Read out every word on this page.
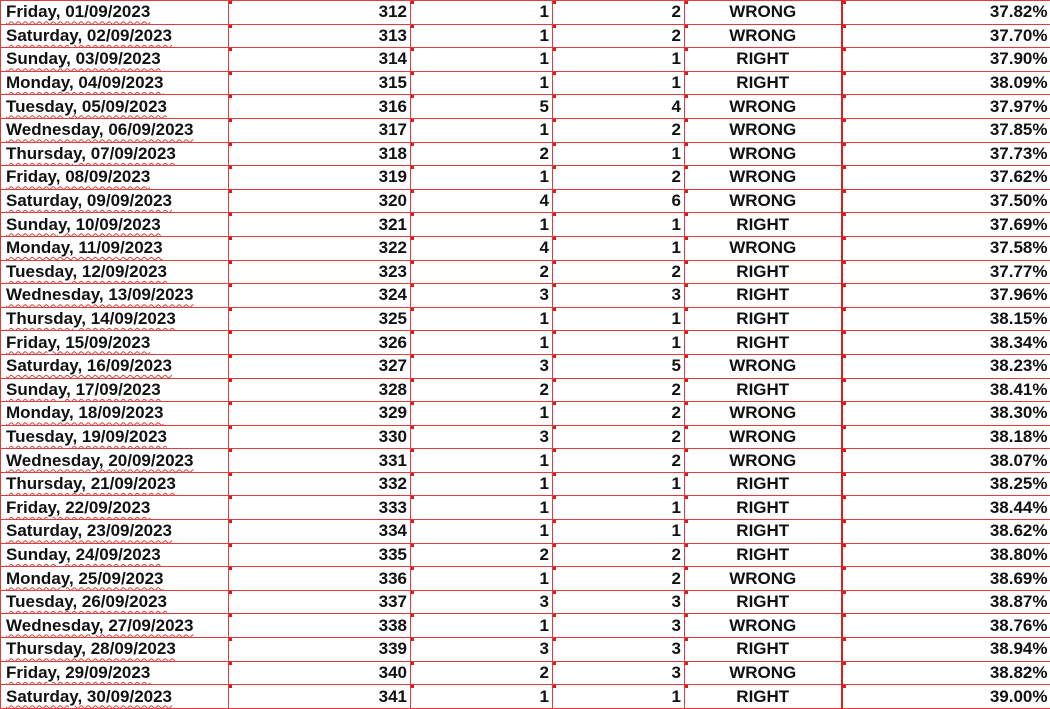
Friday, 01/09/2023	312	1	2	WRONG	37.82%
Saturday, 02/09/2023	313	1	2	WRONG	37.70%
Sunday, 03/09/2023	314	1	1	RIGHT	37.90%
Monday, 04/09/2023	315	1	1	RIGHT	38.09%
Tuesday, 05/09/2023	316	5	4	WRONG	37.97%
Wednesday, 06/09/2023	317	1	2	WRONG	37.85%
Thursday, 07/09/2023	318	2	1	WRONG	37.73%
Friday, 08/09/2023	319	1	2	WRONG	37.62%
Saturday, 09/09/2023	320	4	6	WRONG	37.50%
Sunday, 10/09/2023	321	1	1	RIGHT	37.69%
Monday, 11/09/2023	322	4	1	WRONG	37.58%
Tuesday, 12/09/2023	323	2	2	RIGHT	37.77%
Wednesday, 13/09/2023	324	3	3	RIGHT	37.96%
Thursday, 14/09/2023	325	1	1	RIGHT	38.15%
Friday, 15/09/2023	326	1	1	RIGHT	38.34%
Saturday, 16/09/2023	327	3	5	WRONG	38.23%
Sunday, 17/09/2023	328	2	2	RIGHT	38.41%
Monday, 18/09/2023	329	1	2	WRONG	38.30%
Tuesday, 19/09/2023	330	3	2	WRONG	38.18%
Wednesday, 20/09/2023	331	1	2	WRONG	38.07%
Thursday, 21/09/2023	332	1	1	RIGHT	38.25%
Friday, 22/09/2023	333	1	1	RIGHT	38.44%
Saturday, 23/09/2023	334	1	1	RIGHT	38.62%
Sunday, 24/09/2023	335	2	2	RIGHT	38.80%
Monday, 25/09/2023	336	1	2	WRONG	38.69%
Tuesday, 26/09/2023	337	3	3	RIGHT	38.87%
Wednesday, 27/09/2023	338	1	3	WRONG	38.76%
Thursday, 28/09/2023	339	3	3	RIGHT	38.94%
Friday, 29/09/2023	340	2	3	WRONG	38.82%
Saturday, 30/09/2023	341	1	1	RIGHT	39.00%
